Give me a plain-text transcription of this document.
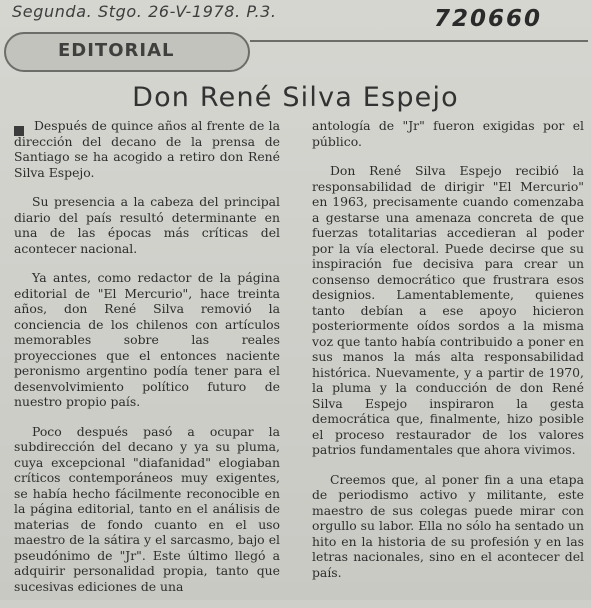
Segunda. Stgo. 26-V-1978. P.3.	720660
EDITORIAL
Don René Silva Espejo

Después de quince años al frente de la dirección del decano de la prensa de Santiago se ha acogido a retiro don René Silva Espejo.

Su presencia a la cabeza del principal diario del país resultó determinante en una de las épocas más críticas del acontecer nacional.

Ya antes, como redactor de la página editorial de "El Mercurio", hace treinta años, don René Silva removió la conciencia de los chilenos con artículos memorables sobre las reales proyecciones que el entonces naciente peronismo argentino podía tener para el desenvolvimiento político futuro de nuestro propio país.

Poco después pasó a ocupar la subdirección del decano y ya su pluma, cuya excepcional "diafanidad" elogiaban críticos contemporáneos muy exigentes, se había hecho fácilmente reconocible en la página editorial, tanto en el análisis de materias de fondo cuanto en el uso maestro de la sátira y el sarcasmo, bajo el pseudónimo de "Jr". Este último llegó a adquirir personalidad propia, tanto que sucesivas ediciones de una

antología de "Jr" fueron exigidas por el público.

Don René Silva Espejo recibió la responsabilidad de dirigir "El Mercurio" en 1963, precisamente cuando comenzaba a gestarse una amenaza concreta de que fuerzas totalitarias accedieran al poder por la vía electoral. Puede decirse que su inspiración fue decisiva para crear un consenso democrático que frustrara esos designios. Lamentablemente, quienes tanto debían a ese apoyo hicieron posteriormente oídos sordos a la misma voz que tanto había contribuido a poner en sus manos la más alta responsabilidad histórica. Nuevamente, y a partir de 1970, la pluma y la conducción de don René Silva Espejo inspiraron la gesta democrática que, finalmente, hizo posible el proceso restaurador de los valores patrios fundamentales que ahora vivimos.

Creemos que, al poner fin a una etapa de periodismo activo y militante, este maestro de sus colegas puede mirar con orgullo su labor. Ella no sólo ha sentado un hito en la historia de su profesión y en las letras nacionales, sino en el acontecer del país.
